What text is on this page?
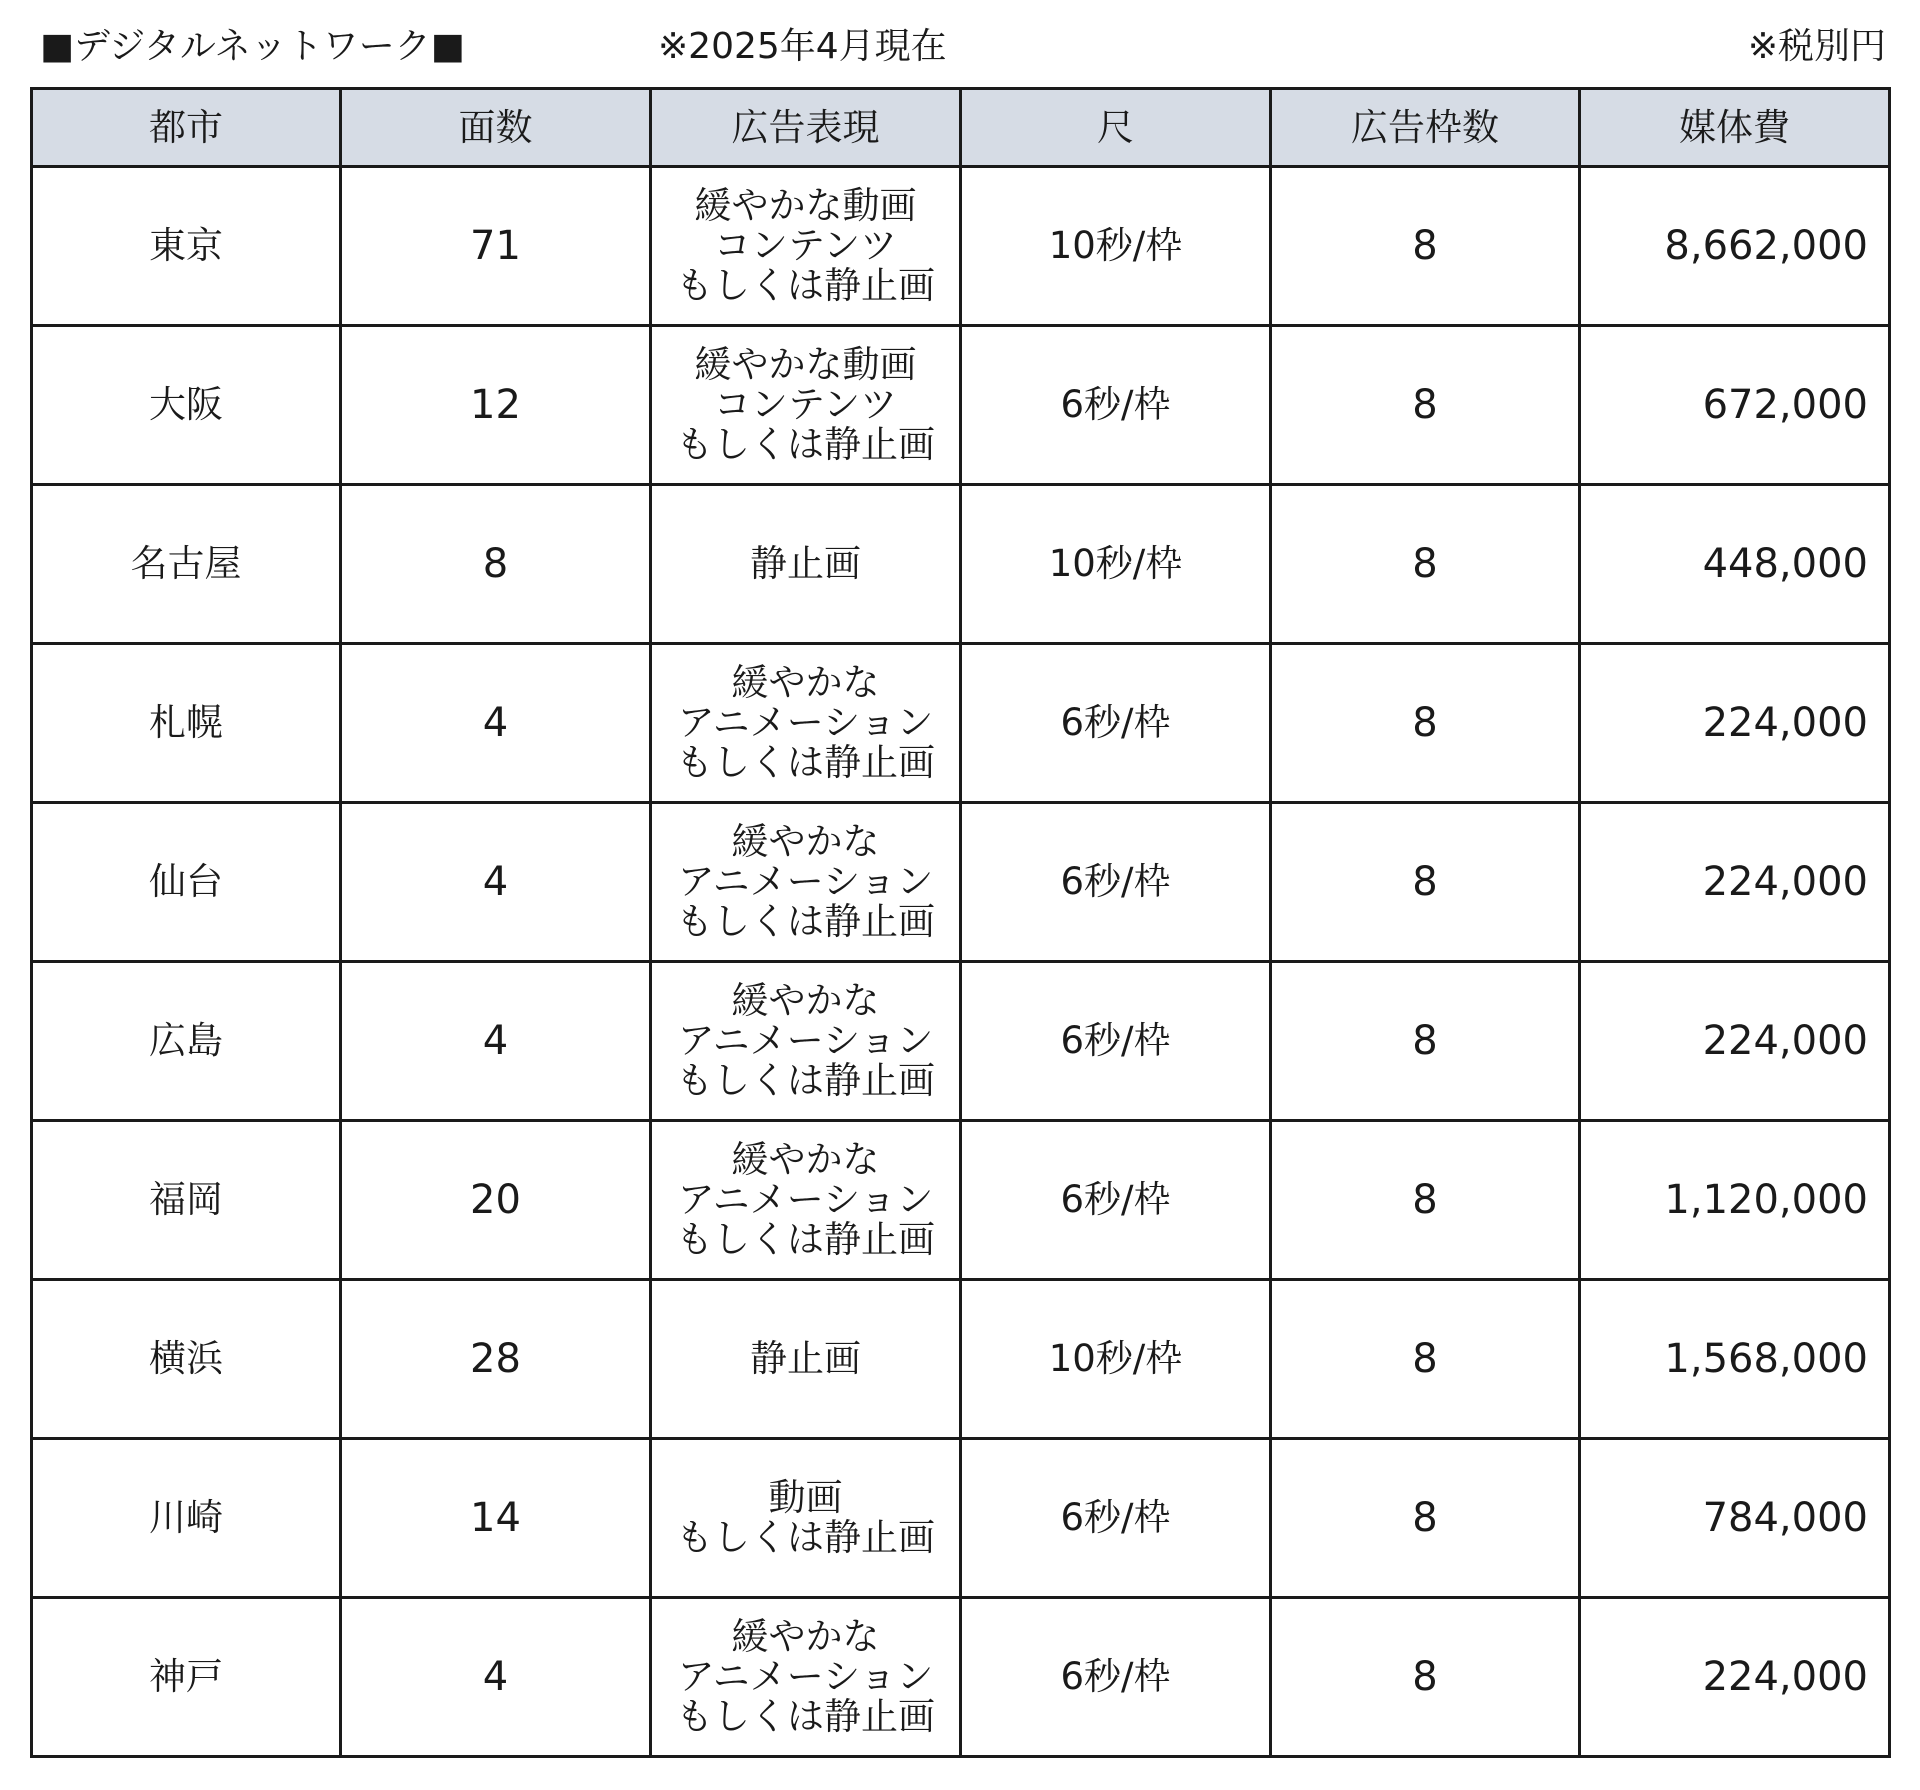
■デジタルネットワーク■	※2025年4月現在	※税別円
都市	面数	広告表現	尺	広告枠数	媒体費
東京	71	緩やかな動画
コンテンツ
もしくは静止画	10秒/枠	8	8,662,000
大阪	12	緩やかな動画
コンテンツ
もしくは静止画	6秒/枠	8	672,000
名古屋	8	静止画	10秒/枠	8	448,000
札幌	4	緩やかな
アニメーション
もしくは静止画	6秒/枠	8	224,000
仙台	4	緩やかな
アニメーション
もしくは静止画	6秒/枠	8	224,000
広島	4	緩やかな
アニメーション
もしくは静止画	6秒/枠	8	224,000
福岡	20	緩やかな
アニメーション
もしくは静止画	6秒/枠	8	1,120,000
横浜	28	静止画	10秒/枠	8	1,568,000
川崎	14	動画
もしくは静止画	6秒/枠	8	784,000
神戸	4	緩やかな
アニメーション
もしくは静止画	6秒/枠	8	224,000
